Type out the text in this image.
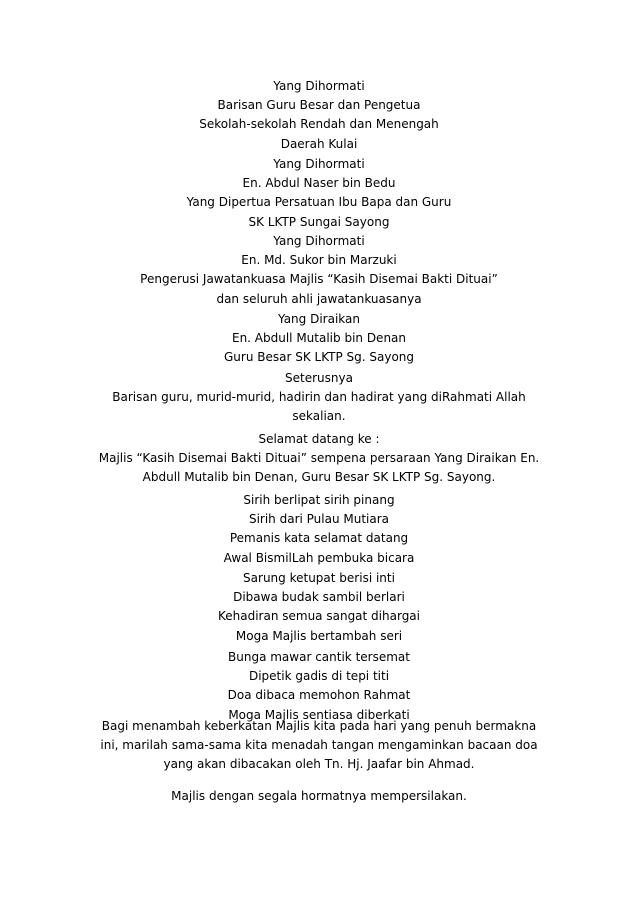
Yang Dihormati
Barisan Guru Besar dan Pengetua
Sekolah-sekolah Rendah dan Menengah
Daerah Kulai
Yang Dihormati
En. Abdul Naser bin Bedu
Yang Dipertua Persatuan Ibu Bapa dan Guru
SK LKTP Sungai Sayong
Yang Dihormati
En. Md. Sukor bin Marzuki
Pengerusi Jawatankuasa Majlis “Kasih Disemai Bakti Dituai”
dan seluruh ahli jawatankuasanya
Yang Diraikan
En. Abdull Mutalib bin Denan
Guru Besar SK LKTP Sg. Sayong
Seterusnya
Barisan guru, murid-murid, hadirin dan hadirat yang diRahmati Allah
sekalian.
Selamat datang ke :
Majlis “Kasih Disemai Bakti Dituai” sempena persaraan Yang Diraikan En.
Abdull Mutalib bin Denan, Guru Besar SK LKTP Sg. Sayong.
Sirih berlipat sirih pinang
Sirih dari Pulau Mutiara
Pemanis kata selamat datang
Awal BismilLah pembuka bicara
Sarung ketupat berisi inti
Dibawa budak sambil berlari
Kehadiran semua sangat dihargai
Moga Majlis bertambah seri
Bunga mawar cantik tersemat
Dipetik gadis di tepi titi
Doa dibaca memohon Rahmat
Moga Majlis sentiasa diberkati
Bagi menambah keberkatan Majlis kita pada hari yang penuh bermakna
ini, marilah sama-sama kita menadah tangan mengaminkan bacaan doa
yang akan dibacakan oleh Tn. Hj. Jaafar bin Ahmad.
Majlis dengan segala hormatnya mempersilakan.
